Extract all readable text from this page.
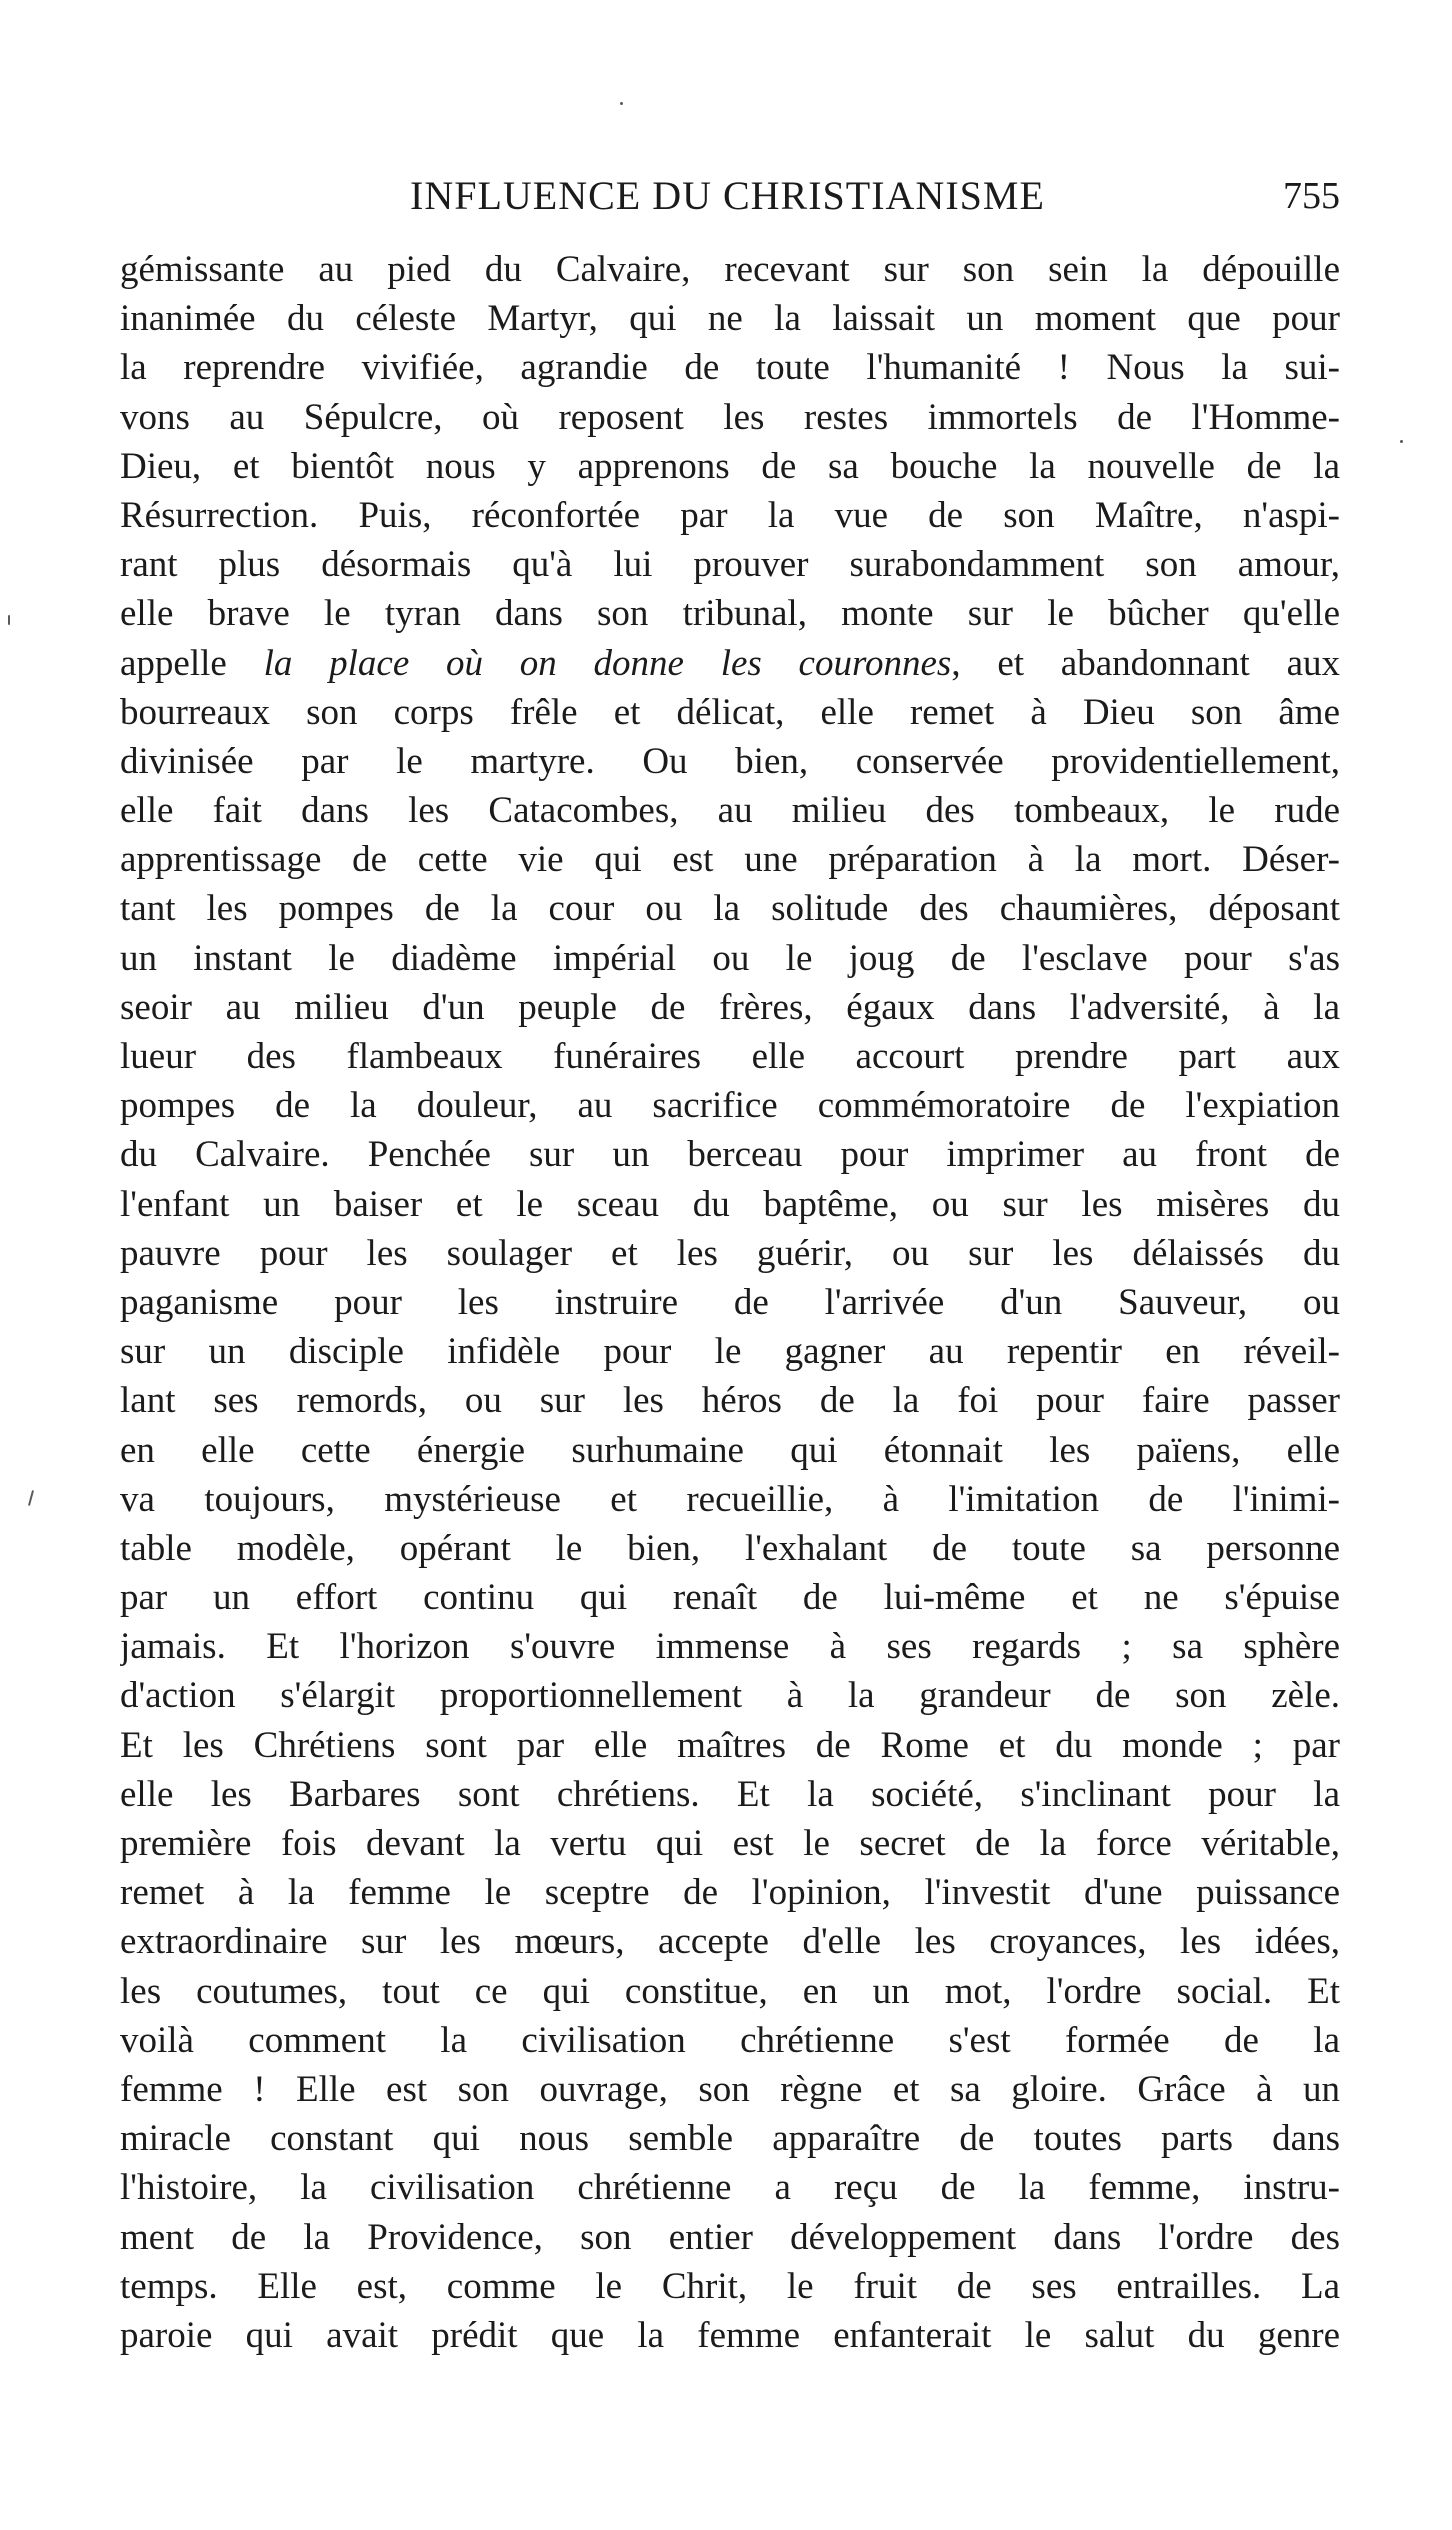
INFLUENCE DU CHRISTIANISME	755
gémissante au pied du Calvaire, recevant sur son sein la dépouille
inanimée du céleste Martyr, qui ne la laissait un moment que pour
la reprendre vivifiée, agrandie de toute l'humanité ! Nous la sui-
vons au Sépulcre, où reposent les restes immortels de l'Homme-
Dieu, et bientôt nous y apprenons de sa bouche la nouvelle de la
Résurrection. Puis, réconfortée par la vue de son Maître, n'aspi-
rant plus désormais qu'à lui prouver surabondamment son amour,
elle brave le tyran dans son tribunal, monte sur le bûcher qu'elle
appelle la place où on donne les couronnes, et abandonnant aux
bourreaux son corps frêle et délicat, elle remet à Dieu son âme
divinisée par le martyre. Ou bien, conservée providentiellement,
elle fait dans les Catacombes, au milieu des tombeaux, le rude
apprentissage de cette vie qui est une préparation à la mort. Déser-
tant les pompes de la cour ou la solitude des chaumières, déposant
un instant le diadème impérial ou le joug de l'esclave pour s'as
seoir au milieu d'un peuple de frères, égaux dans l'adversité, à la
lueur des flambeaux funéraires elle accourt prendre part aux
pompes de la douleur, au sacrifice commémoratoire de l'expiation
du Calvaire. Penchée sur un berceau pour imprimer au front de
l'enfant un baiser et le sceau du baptême, ou sur les misères du
pauvre pour les soulager et les guérir, ou sur les délaissés du
paganisme pour les instruire de l'arrivée d'un Sauveur, ou
sur un disciple infidèle pour le gagner au repentir en réveil-
lant ses remords, ou sur les héros de la foi pour faire passer
en elle cette énergie surhumaine qui étonnait les païens, elle
va toujours, mystérieuse et recueillie, à l'imitation de l'inimi-
table modèle, opérant le bien, l'exhalant de toute sa personne
par un effort continu qui renaît de lui-même et ne s'épuise
jamais. Et l'horizon s'ouvre immense à ses regards ; sa sphère
d'action s'élargit proportionnellement à la grandeur de son zèle.
Et les Chrétiens sont par elle maîtres de Rome et du monde ; par
elle les Barbares sont chrétiens. Et la société, s'inclinant pour la
première fois devant la vertu qui est le secret de la force véritable,
remet à la femme le sceptre de l'opinion, l'investit d'une puissance
extraordinaire sur les mœurs, accepte d'elle les croyances, les idées,
les coutumes, tout ce qui constitue, en un mot, l'ordre social. Et
voilà comment la civilisation chrétienne s'est formée de la
femme ! Elle est son ouvrage, son règne et sa gloire. Grâce à un
miracle constant qui nous semble apparaître de toutes parts dans
l'histoire, la civilisation chrétienne a reçu de la femme, instru-
ment de la Providence, son entier développement dans l'ordre des
temps. Elle est, comme le Chrit, le fruit de ses entrailles. La
paroie qui avait prédit que la femme enfanterait le salut du genre
